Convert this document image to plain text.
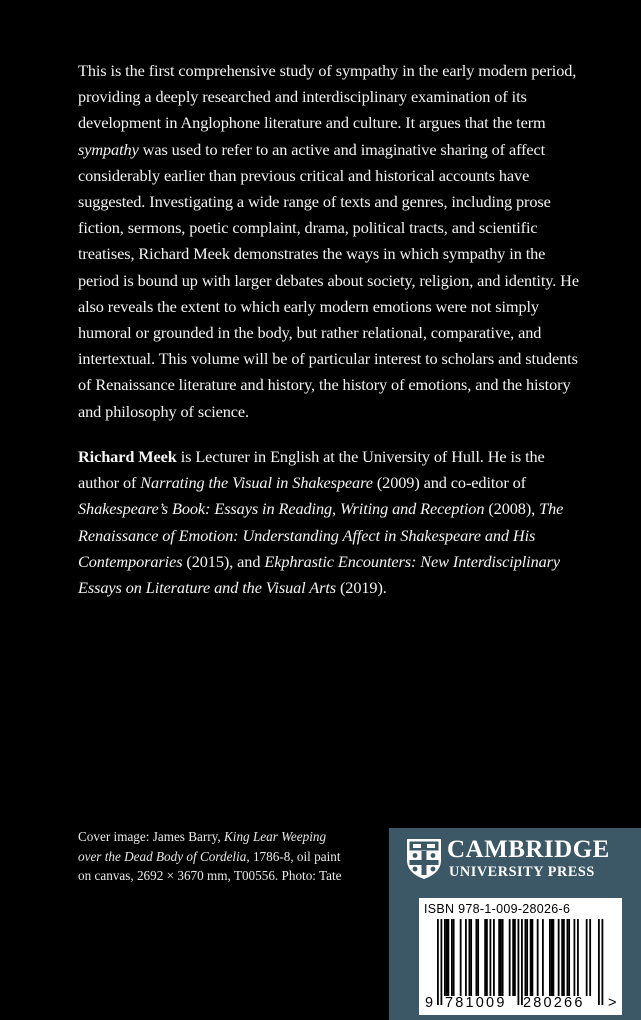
This is the first comprehensive study of sympathy in the early modern period, providing a deeply researched and interdisciplinary examination of its development in Anglophone literature and culture. It argues that the term sympathy was used to refer to an active and imaginative sharing of affect considerably earlier than previous critical and historical accounts have suggested. Investigating a wide range of texts and genres, including prose fiction, sermons, poetic complaint, drama, political tracts, and scientific treatises, Richard Meek demonstrates the ways in which sympathy in the period is bound up with larger debates about society, religion, and identity. He also reveals the extent to which early modern emotions were not simply humoral or grounded in the body, but rather relational, comparative, and intertextual. This volume will be of particular interest to scholars and students of Renaissance literature and history, the history of emotions, and the history and philosophy of science.

Richard Meek is Lecturer in English at the University of Hull. He is the author of Narrating the Visual in Shakespeare (2009) and co-editor of Shakespeare’s Book: Essays in Reading, Writing and Reception (2008), The Renaissance of Emotion: Understanding Affect in Shakespeare and His Contemporaries (2015), and Ekphrastic Encounters: New Interdisciplinary Essays on Literature and the Visual Arts (2019).

Cover image: James Barry, King Lear Weeping over the Dead Body of Cordelia, 1786-8, oil paint on canvas, 2692 × 3670 mm, T00556. Photo: Tate

CAMBRIDGE
UNIVERSITY PRESS
ISBN 978-1-009-28026-6
9 781009 280266 >
